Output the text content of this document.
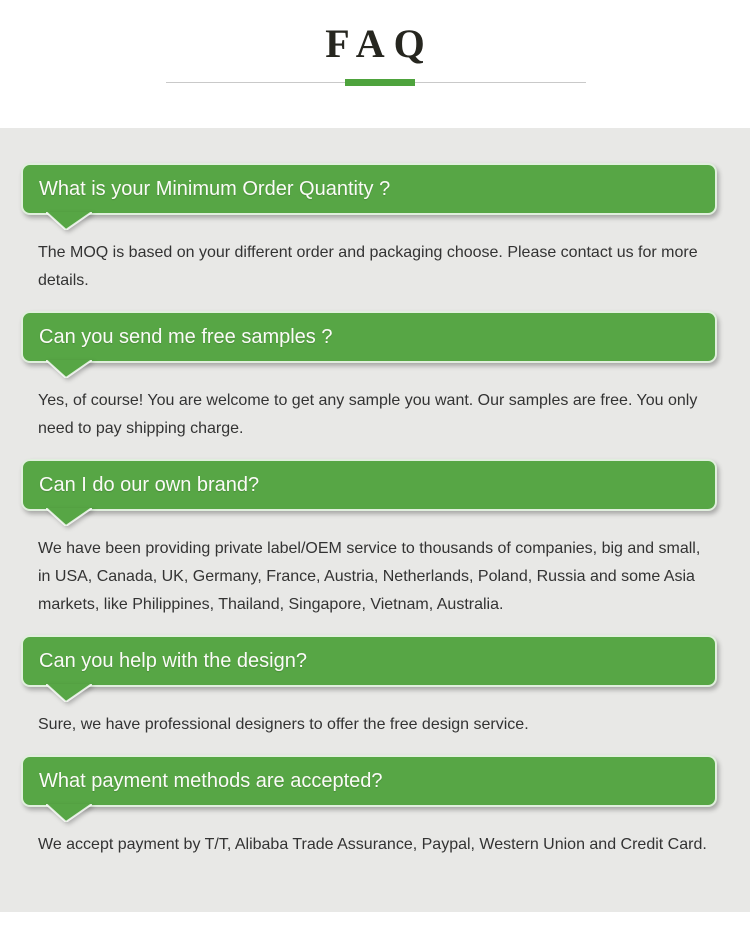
FAQ
What is your Minimum Order Quantity ?

The MOQ is based on your different order and packaging choose. Please contact us for more details.

Can you send me free samples ?

Yes, of course! You are welcome to get any sample you want. Our samples are free. You only need to pay shipping charge.

Can I do our own brand?

We have been providing private label/OEM service to thousands of companies, big and small, in USA, Canada, UK, Germany, France, Austria, Netherlands, Poland, Russia and some Asia markets, like Philippines, Thailand, Singapore, Vietnam, Australia.

Can you help with the design?

Sure, we have professional designers to offer the free design service.

What payment methods are accepted?

We accept payment by T/T, Alibaba Trade Assurance, Paypal, Western Union and Credit Card.
